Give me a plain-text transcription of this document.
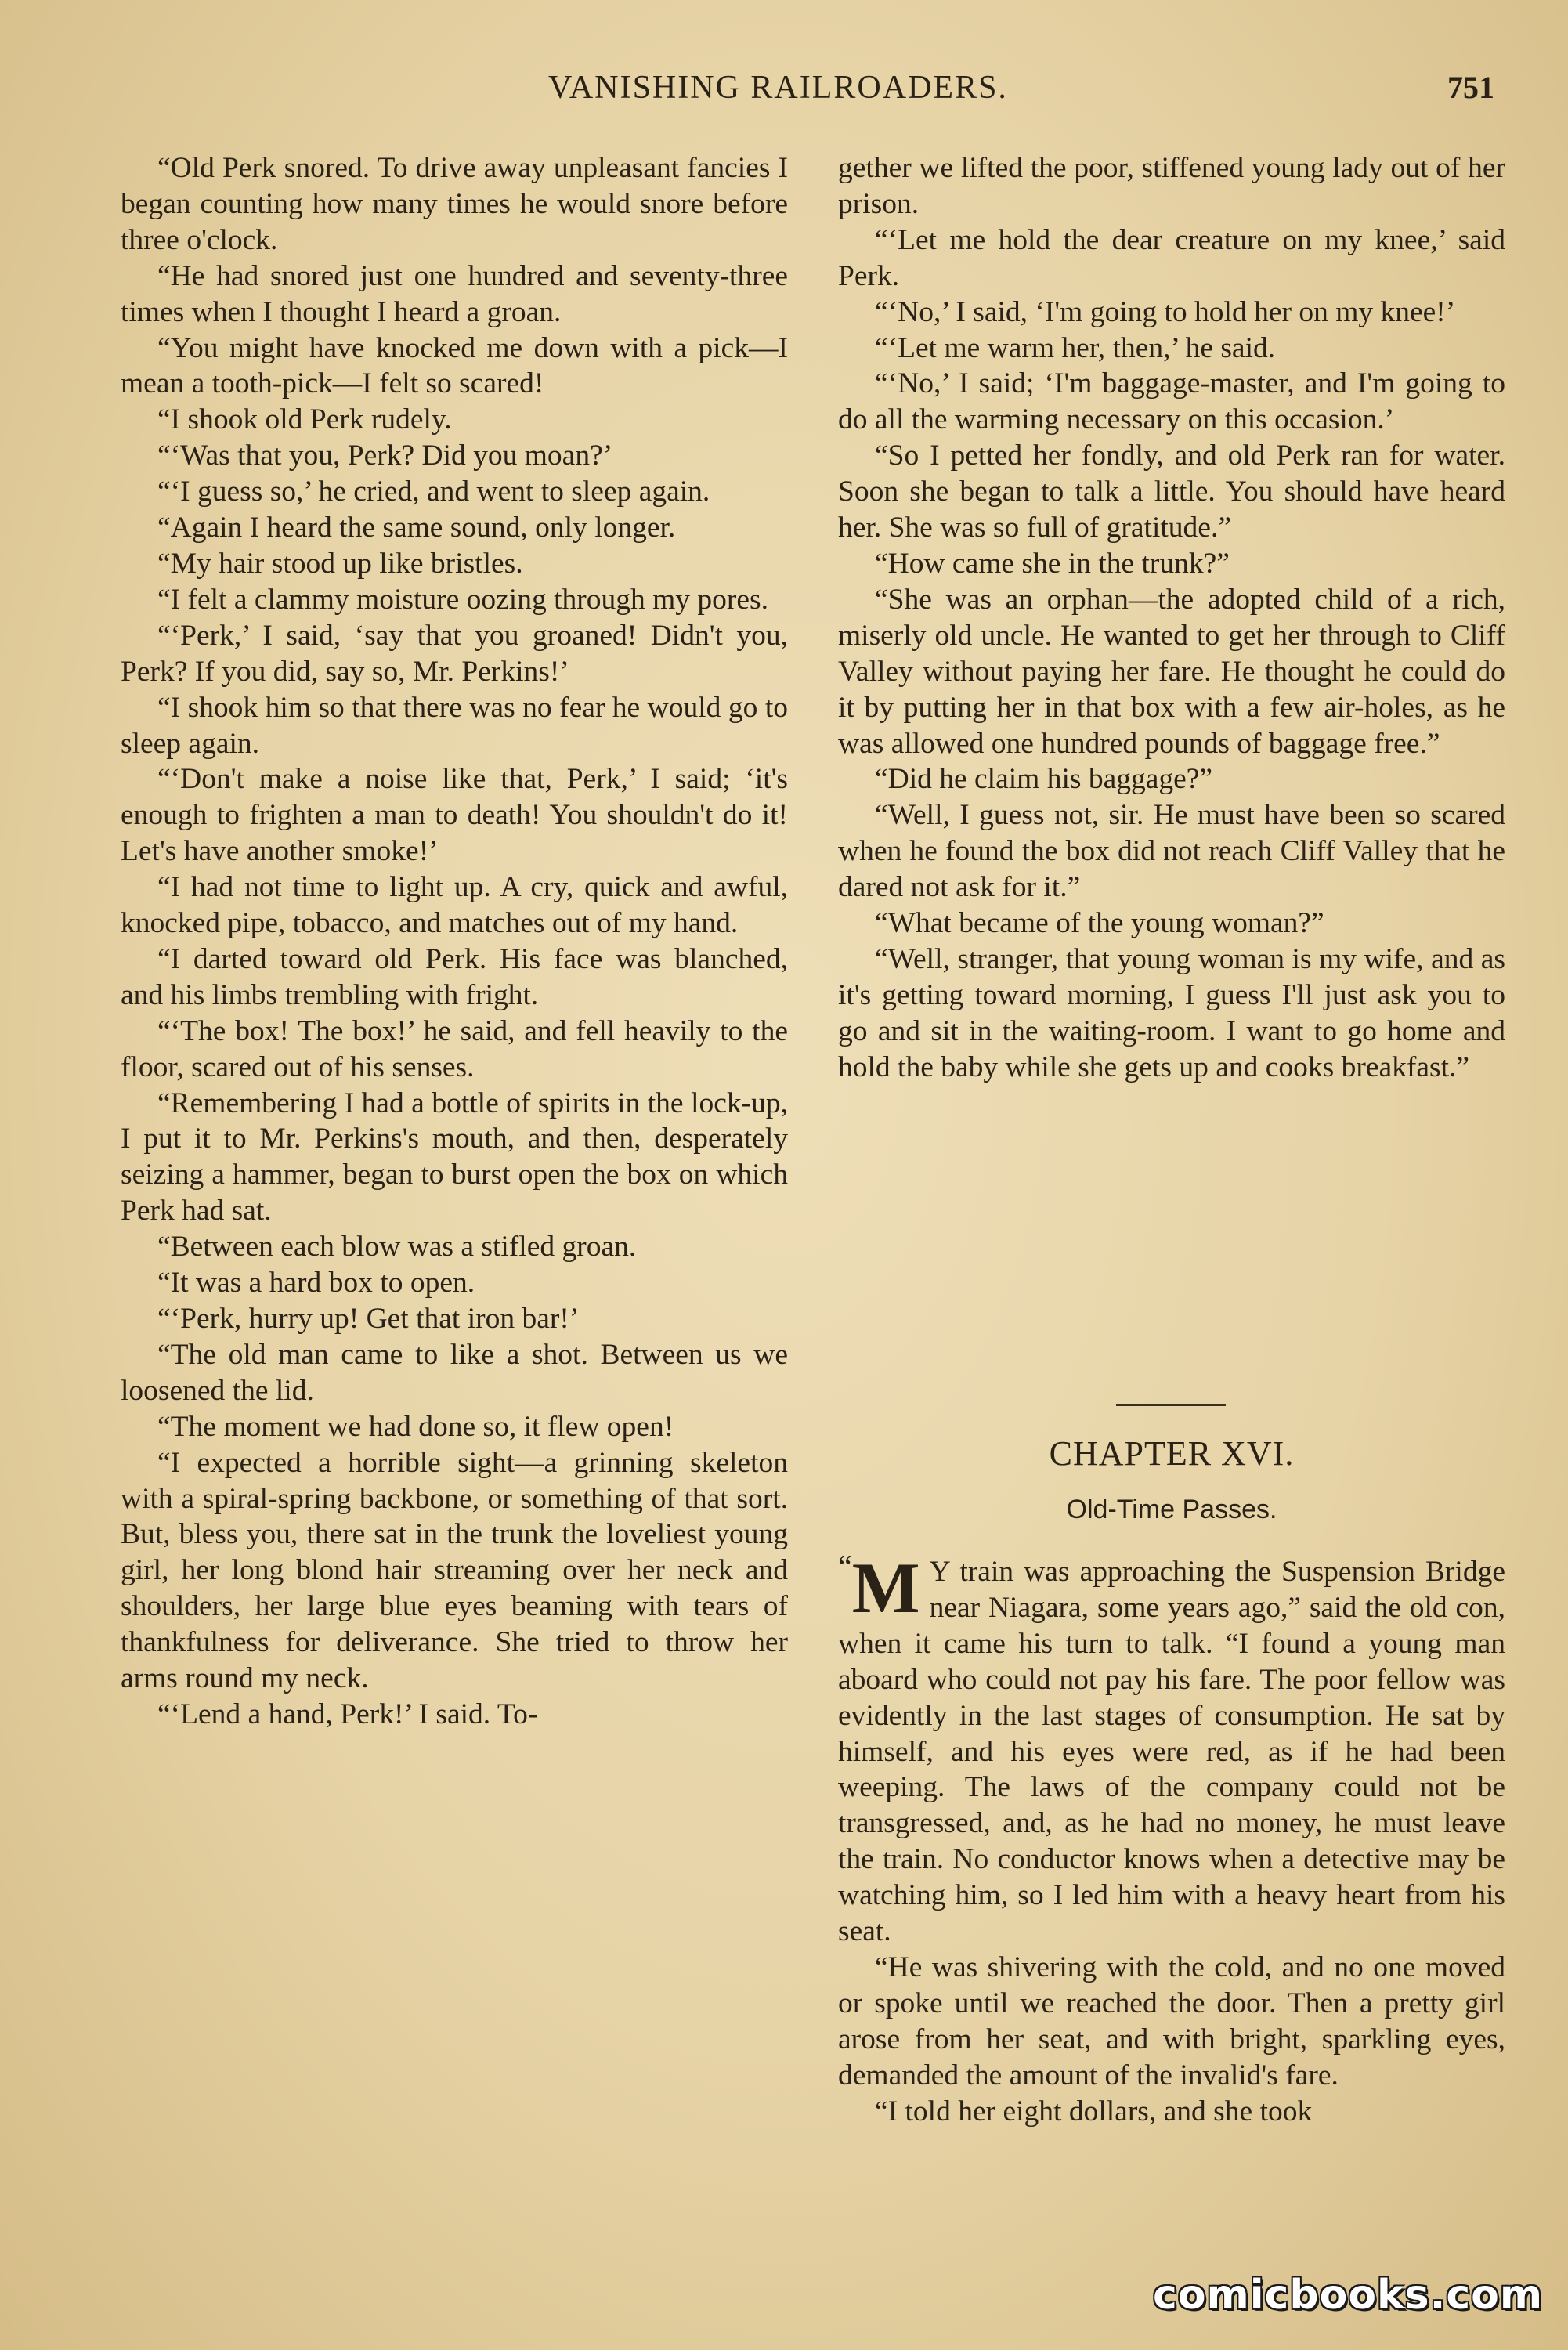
VANISHING RAILROADERS.	751

“Old Perk snored. To drive away unpleasant fancies I began counting how many times he would snore before three o'clock.

“He had snored just one hundred and seventy-three times when I thought I heard a groan.

“You might have knocked me down with a pick—I mean a tooth-pick—I felt so scared!

“I shook old Perk rudely.

“‘Was that you, Perk? Did you moan?’

“‘I guess so,’ he cried, and went to sleep again.

“Again I heard the same sound, only longer.

“My hair stood up like bristles.

“I felt a clammy moisture oozing through my pores.

“‘Perk,’ I said, ‘say that you groaned! Didn't you, Perk? If you did, say so, Mr. Perkins!’

“I shook him so that there was no fear he would go to sleep again.

“‘Don't make a noise like that, Perk,’ I said; ‘it's enough to frighten a man to death! You shouldn't do it! Let's have another smoke!’

“I had not time to light up. A cry, quick and awful, knocked pipe, tobacco, and matches out of my hand.

“I darted toward old Perk. His face was blanched, and his limbs trembling with fright.

“‘The box! The box!’ he said, and fell heavily to the floor, scared out of his senses.

“Remembering I had a bottle of spirits in the lock-up, I put it to Mr. Perkins's mouth, and then, desperately seizing a hammer, began to burst open the box on which Perk had sat.

“Between each blow was a stifled groan.

“It was a hard box to open.

“‘Perk, hurry up! Get that iron bar!’

“The old man came to like a shot. Between us we loosened the lid.

“The moment we had done so, it flew open!

“I expected a horrible sight—a grinning skeleton with a spiral-spring backbone, or something of that sort. But, bless you, there sat in the trunk the loveliest young girl, her long blond hair streaming over her neck and shoulders, her large blue eyes beaming with tears of thankfulness for deliverance. She tried to throw her arms round my neck.

“‘Lend a hand, Perk!’ I said. To-

gether we lifted the poor, stiffened young lady out of her prison.

“‘Let me hold the dear creature on my knee,’ said Perk.

“‘No,’ I said, ‘I'm going to hold her on my knee!’

“‘Let me warm her, then,’ he said.

“‘No,’ I said; ‘I'm baggage-master, and I'm going to do all the warming necessary on this occasion.’

“So I petted her fondly, and old Perk ran for water. Soon she began to talk a little. You should have heard her. She was so full of gratitude.”

“How came she in the trunk?”

“She was an orphan—the adopted child of a rich, miserly old uncle. He wanted to get her through to Cliff Valley without paying her fare. He thought he could do it by putting her in that box with a few air-holes, as he was allowed one hundred pounds of baggage free.”

“Did he claim his baggage?”

“Well, I guess not, sir. He must have been so scared when he found the box did not reach Cliff Valley that he dared not ask for it.”

“What became of the young woman?”

“Well, stranger, that young woman is my wife, and as it's getting toward morning, I guess I'll just ask you to go and sit in the waiting-room. I want to go home and hold the baby while she gets up and cooks breakfast.”

CHAPTER XVI.
Old-Time Passes.

“ M Y train was approaching the Suspension Bridge near Niagara, some years ago,” said the old con, when it came his turn to talk. “I found a young man aboard who could not pay his fare. The poor fellow was evidently in the last stages of consumption. He sat by himself, and his eyes were red, as if he had been weeping. The laws of the company could not be transgressed, and, as he had no money, he must leave the train. No conductor knows when a detective may be watching him, so I led him with a heavy heart from his seat.

“He was shivering with the cold, and no one moved or spoke until we reached the door. Then a pretty girl arose from her seat, and with bright, sparkling eyes, demanded the amount of the invalid's fare.

“I told her eight dollars, and she took

comicbooks.com
